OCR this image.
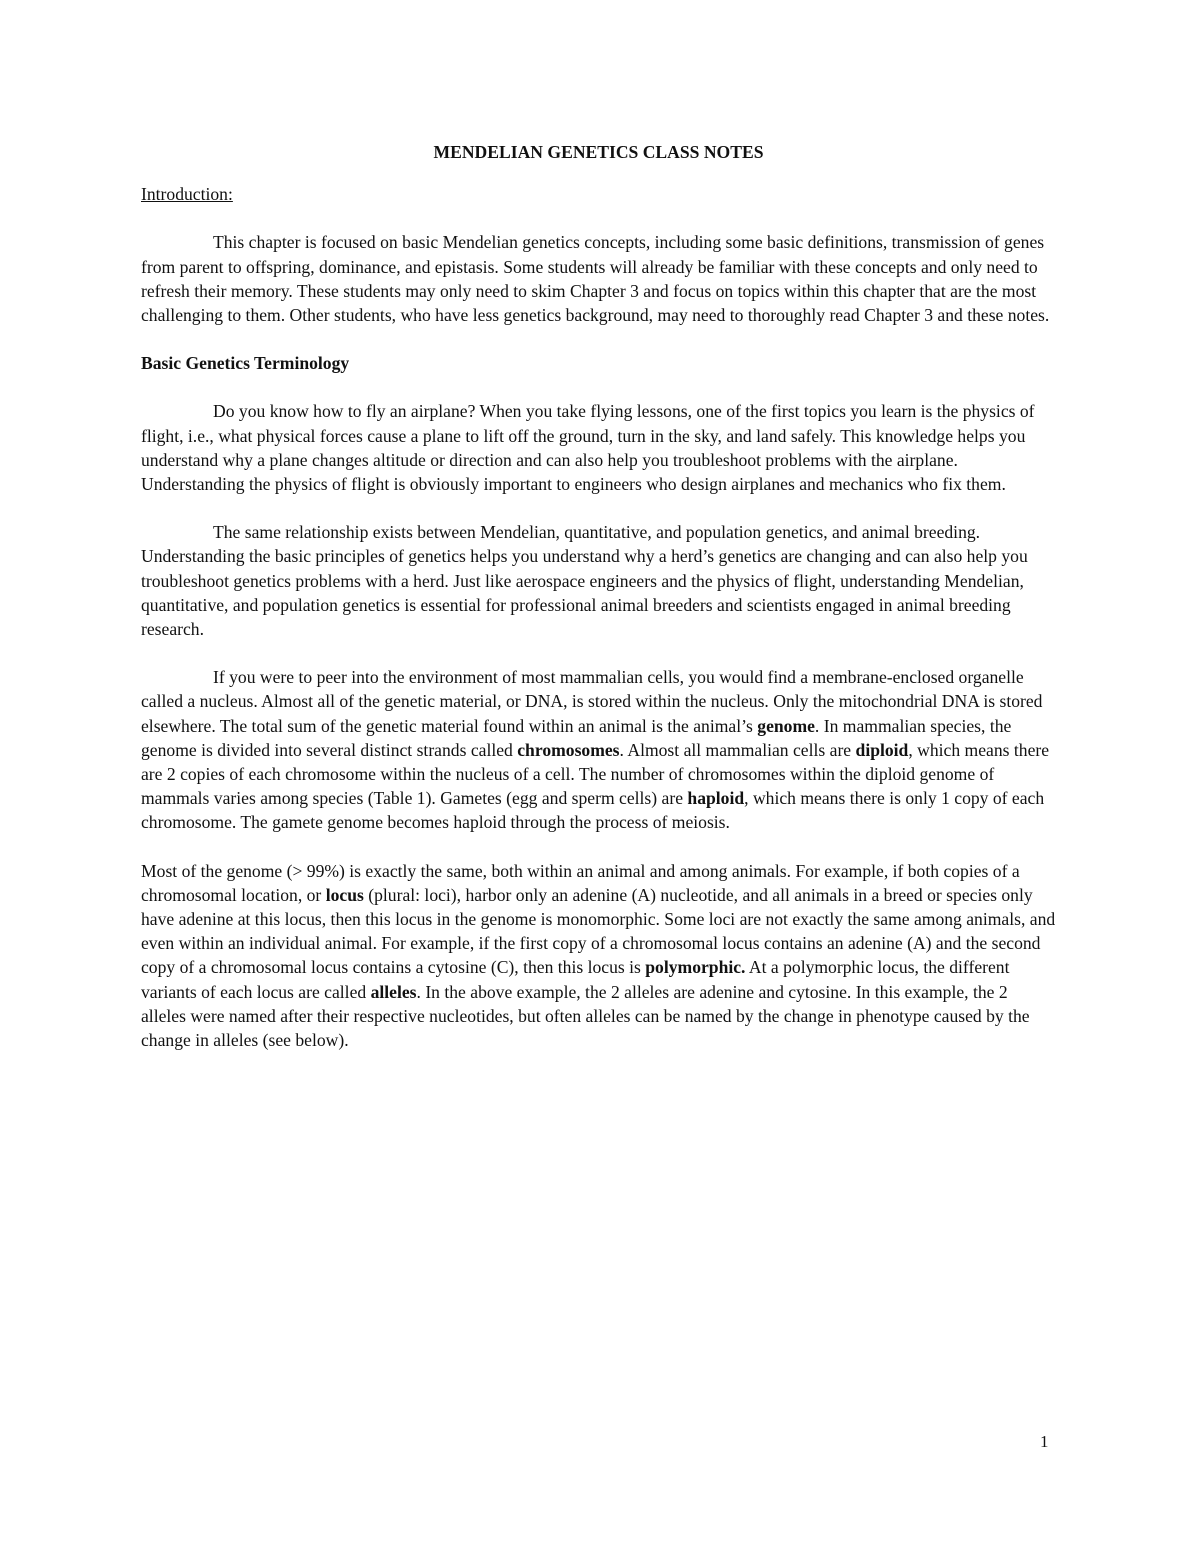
MENDELIAN GENETICS CLASS NOTES
Introduction:

This chapter is focused on basic Mendelian genetics concepts, including some basic definitions, transmission of genes from parent to offspring, dominance, and epistasis. Some students will already be familiar with these concepts and only need to refresh their memory. These students may only need to skim Chapter 3 and focus on topics within this chapter that are the most challenging to them. Other students, who have less genetics background, may need to thoroughly read Chapter 3 and these notes.

Basic Genetics Terminology

Do you know how to fly an airplane? When you take flying lessons, one of the first topics you learn is the physics of flight, i.e., what physical forces cause a plane to lift off the ground, turn in the sky, and land safely. This knowledge helps you understand why a plane changes altitude or direction and can also help you troubleshoot problems with the airplane. Understanding the physics of flight is obviously important to engineers who design airplanes and mechanics who fix them.

The same relationship exists between Mendelian, quantitative, and population genetics, and animal breeding. Understanding the basic principles of genetics helps you understand why a herd’s genetics are changing and can also help you troubleshoot genetics problems with a herd. Just like aerospace engineers and the physics of flight, understanding Mendelian, quantitative, and population genetics is essential for professional animal breeders and scientists engaged in animal breeding research.

If you were to peer into the environment of most mammalian cells, you would find a membrane-enclosed organelle called a nucleus. Almost all of the genetic material, or DNA, is stored within the nucleus. Only the mitochondrial DNA is stored elsewhere. The total sum of the genetic material found within an animal is the animal’s genome. In mammalian species, the genome is divided into several distinct strands called chromosomes. Almost all mammalian cells are diploid, which means there are 2 copies of each chromosome within the nucleus of a cell. The number of chromosomes within the diploid genome of mammals varies among species (Table 1). Gametes (egg and sperm cells) are haploid, which means there is only 1 copy of each chromosome. The gamete genome becomes haploid through the process of meiosis.

Most of the genome (> 99%) is exactly the same, both within an animal and among animals. For example, if both copies of a chromosomal location, or locus (plural: loci), harbor only an adenine (A) nucleotide, and all animals in a breed or species only have adenine at this locus, then this locus in the genome is monomorphic. Some loci are not exactly the same among animals, and even within an individual animal. For example, if the first copy of a chromosomal locus contains an adenine (A) and the second copy of a chromosomal locus contains a cytosine (C), then this locus is polymorphic. At a polymorphic locus, the different variants of each locus are called alleles. In the above example, the 2 alleles are adenine and cytosine. In this example, the 2 alleles were named after their respective nucleotides, but often alleles can be named by the change in phenotype caused by the change in alleles (see below).

1
